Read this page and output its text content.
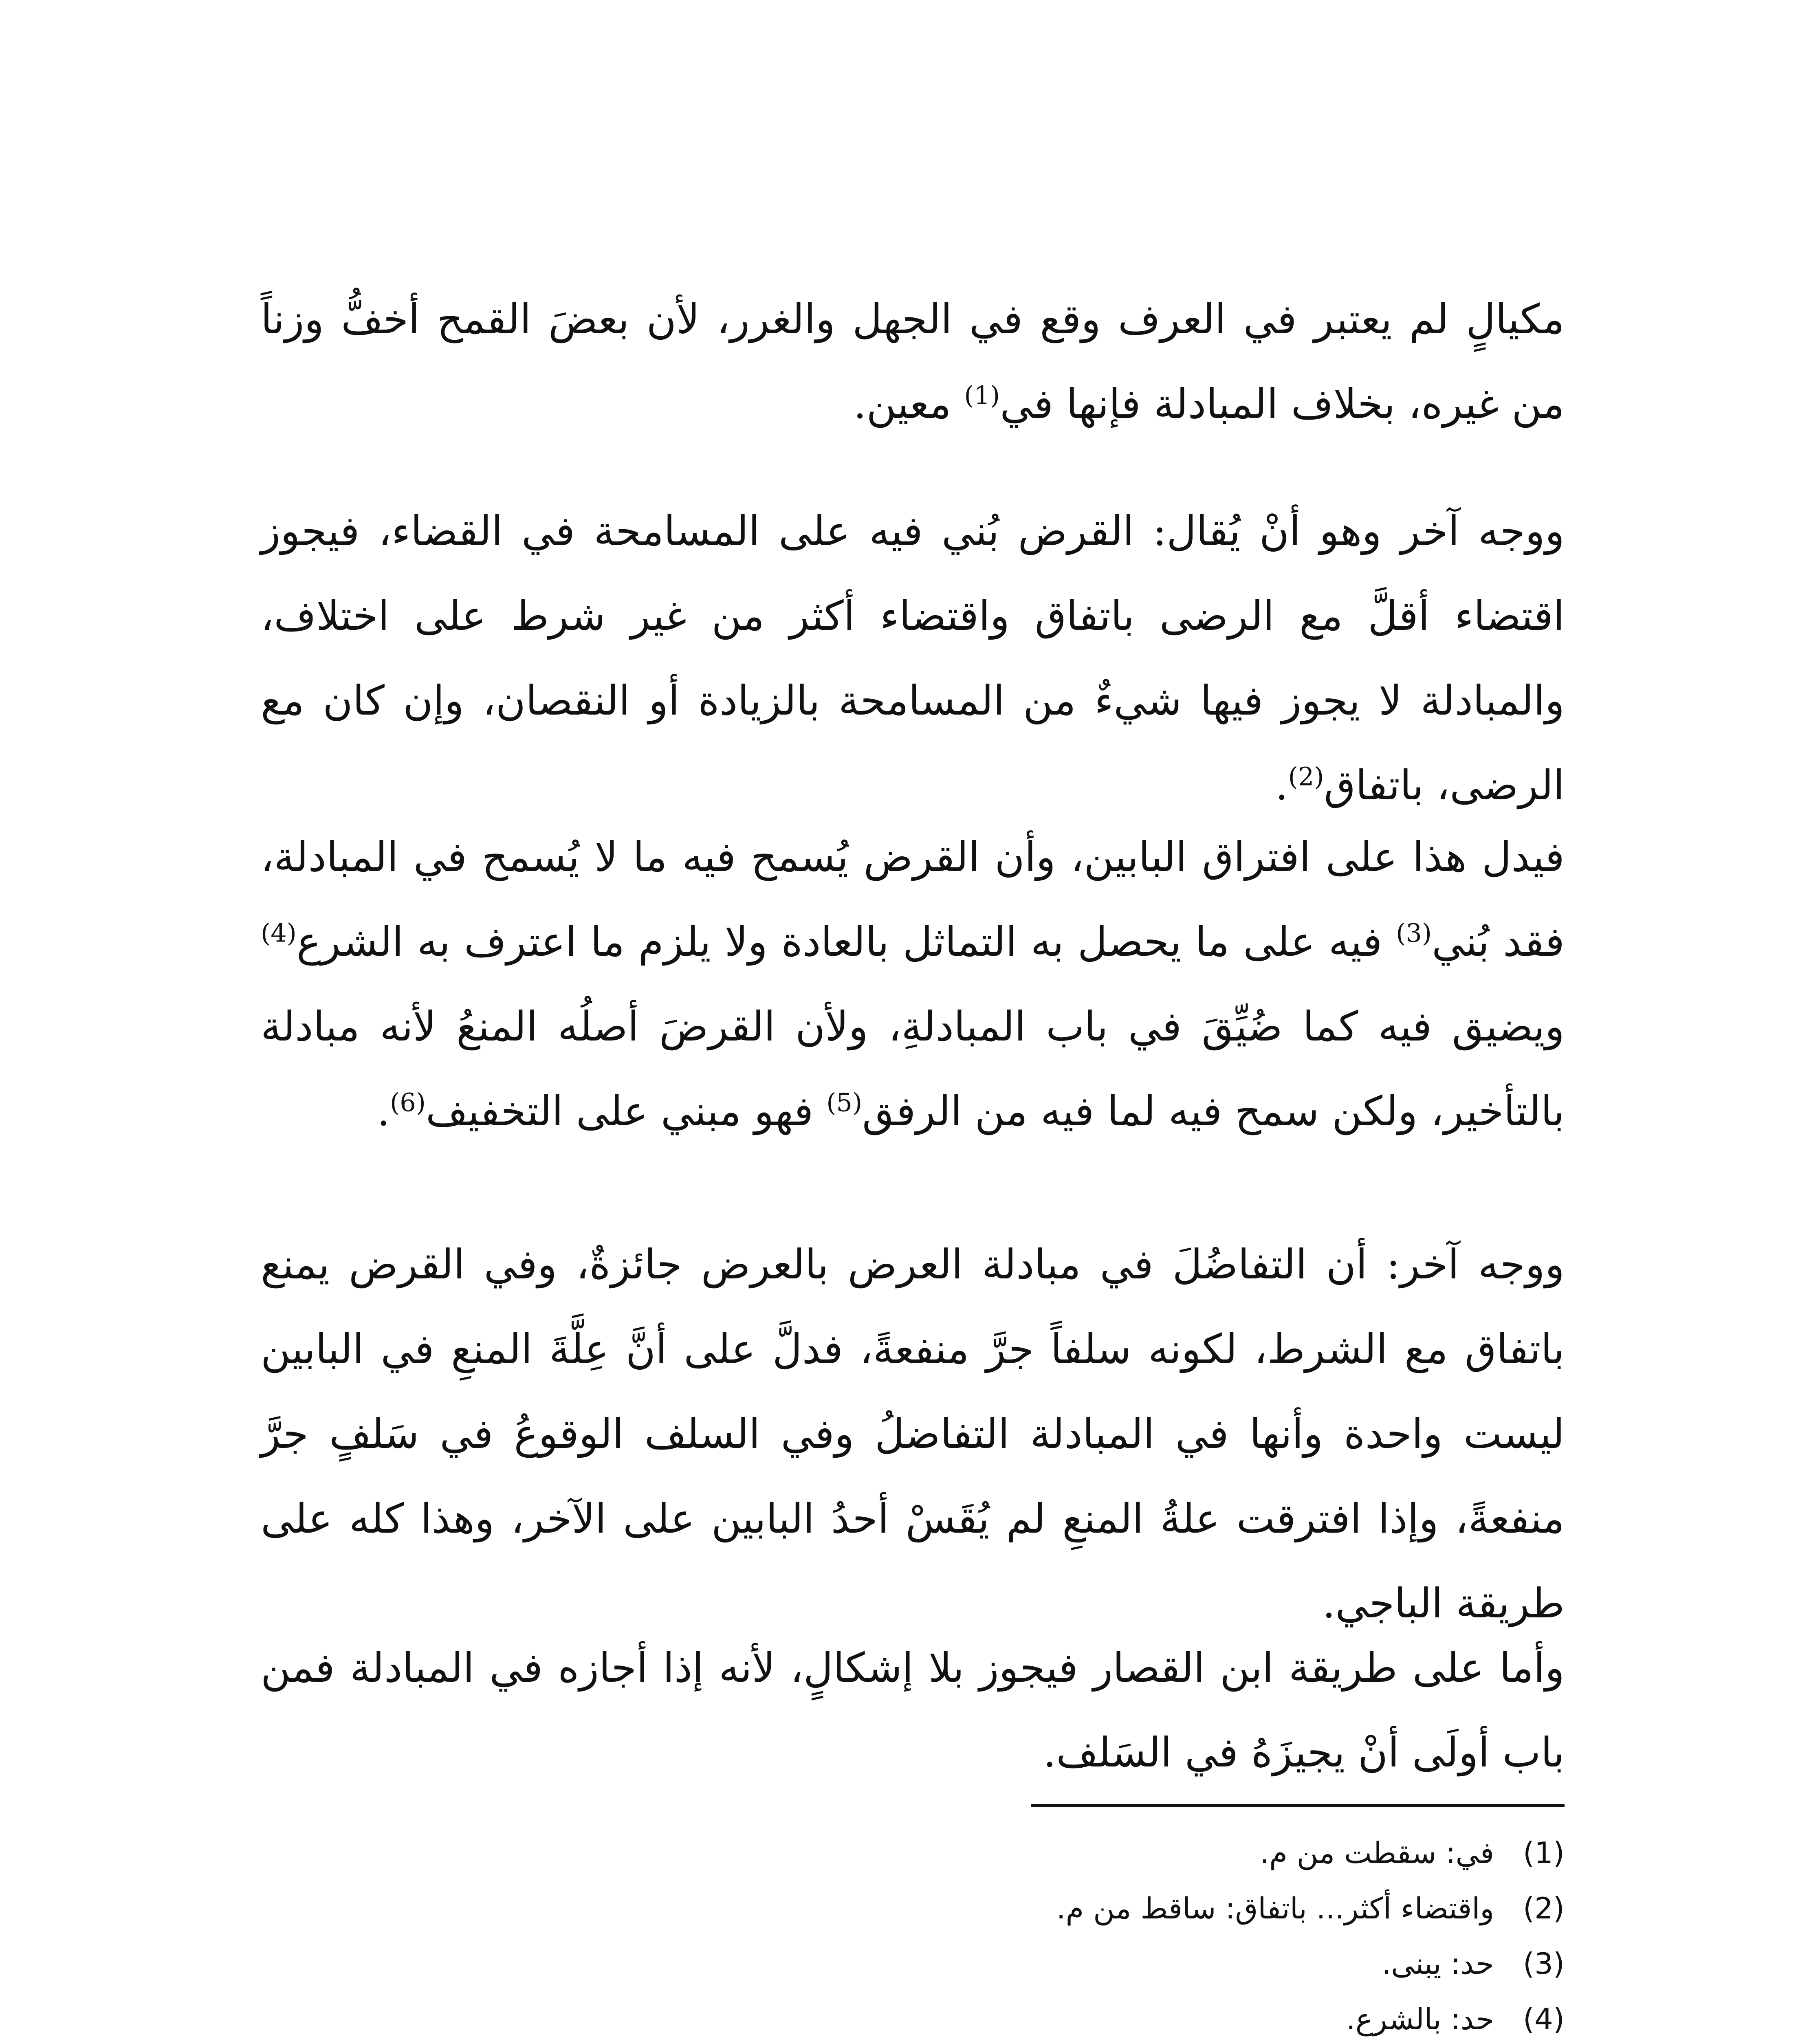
مكيالٍ لم يعتبر في العرف وقع في الجهل والغرر، لأن بعضَ القمح أخفُّ وزناً من غيره، بخلاف المبادلة فإنها في$^{(1)}$ معين.

ووجه آخر وهو أنْ يُقال: القرض بُني فيه على المسامحة في القضاء، فيجوز اقتضاء أقلَّ مع الرضى باتفاق واقتضاء أكثر من غير شرط على اختلاف، والمبادلة لا يجوز فيها شيءٌ من المسامحة بالزيادة أو النقصان، وإن كان مع الرضى، باتفاق$^{(2)}$.

فيدل هذا على افتراق البابين، وأن القرض يُسمح فيه ما لا يُسمح في المبادلة، فقد بُني$^{(3)}$ فيه على ما يحصل به التماثل بالعادة ولا يلزم ما اعترف به الشرع$^{(4)}$ ويضيق فيه كما ضُيِّقَ في باب المبادلةِ، ولأن القرضَ أصلُه المنعُ لأنه مبادلة بالتأخير، ولكن سمح فيه لما فيه من الرفق$^{(5)}$ فهو مبني على التخفيف$^{(6)}$.

ووجه آخر: أن التفاضُلَ في مبادلة العرض بالعرض جائزةٌ، وفي القرض يمنع باتفاق مع الشرط، لكونه سلفاً جرَّ منفعةً، فدلَّ على أنَّ عِلَّةَ المنعِ في البابين ليست واحدة وأنها في المبادلة التفاضلُ وفي السلف الوقوعُ في سَلفٍ جرَّ منفعةً، وإذا افترقت علةُ المنعِ لم يُقَسْ أحدُ البابين على الآخر، وهذا كله على طريقة الباجي.

وأما على طريقة ابن القصار فيجوز بلا إشكالٍ، لأنه إذا أجازه في المبادلة فمن باب أولَى أنْ يجيزَهُ في السَلف.

(1) في: سقطت من م.
(2) واقتضاء أكثر... باتفاق: ساقط من م.
(3) حد: يبنى.
(4) حد: بالشرع.
